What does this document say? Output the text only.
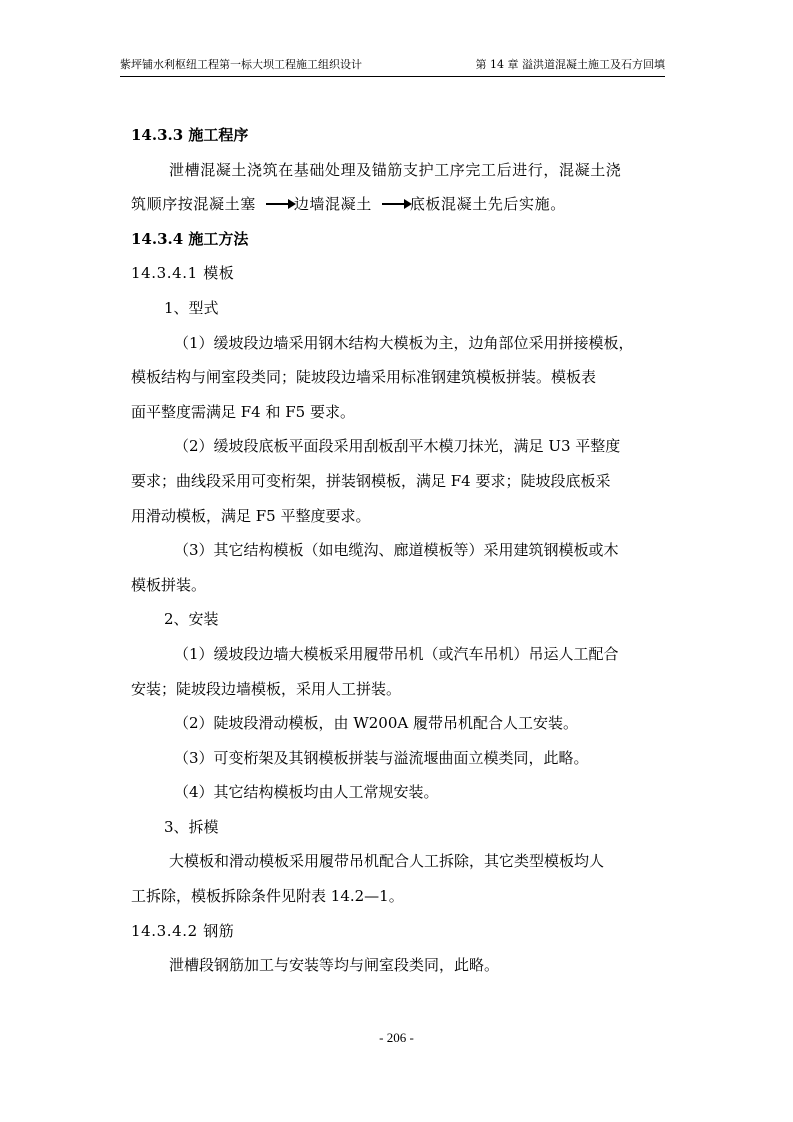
紫坪铺水利枢纽工程第一标大坝工程施工组织设计	第 14 章 溢洪道混凝土施工及石方回填
14.3.3 施工程序
泄槽混凝土浇筑在基础处理及锚筋支护工序完工后进行，混凝土浇
筑顺序按混凝土塞	边墙混凝土	底板混凝土先后实施。
14.3.4 施工方法
14.3.4.1 模板
1、型式
（1）缓坡段边墙采用钢木结构大模板为主，边角部位采用拼接模板，
模板结构与闸室段类同；陡坡段边墙采用标准钢建筑模板拼装。模板表
面平整度需满足 F4 和 F5 要求。
（2）缓坡段底板平面段采用刮板刮平木模刀抹光，满足 U3 平整度
要求；曲线段采用可变桁架，拼装钢模板，满足 F4 要求；陡坡段底板采
用滑动模板，满足 F5 平整度要求。
（3）其它结构模板（如电缆沟、廊道模板等）采用建筑钢模板或木
模板拼装。
2、安装
（1）缓坡段边墙大模板采用履带吊机（或汽车吊机）吊运人工配合
安装；陡坡段边墙模板，采用人工拼装。
（2）陡坡段滑动模板，由 W200A 履带吊机配合人工安装。
（3）可变桁架及其钢模板拼装与溢流堰曲面立模类同，此略。
（4）其它结构模板均由人工常规安装。
3、拆模
大模板和滑动模板采用履带吊机配合人工拆除，其它类型模板均人
工拆除，模板拆除条件见附表 14.2—1。
14.3.4.2 钢筋
泄槽段钢筋加工与安装等均与闸室段类同，此略。
- 206 -
